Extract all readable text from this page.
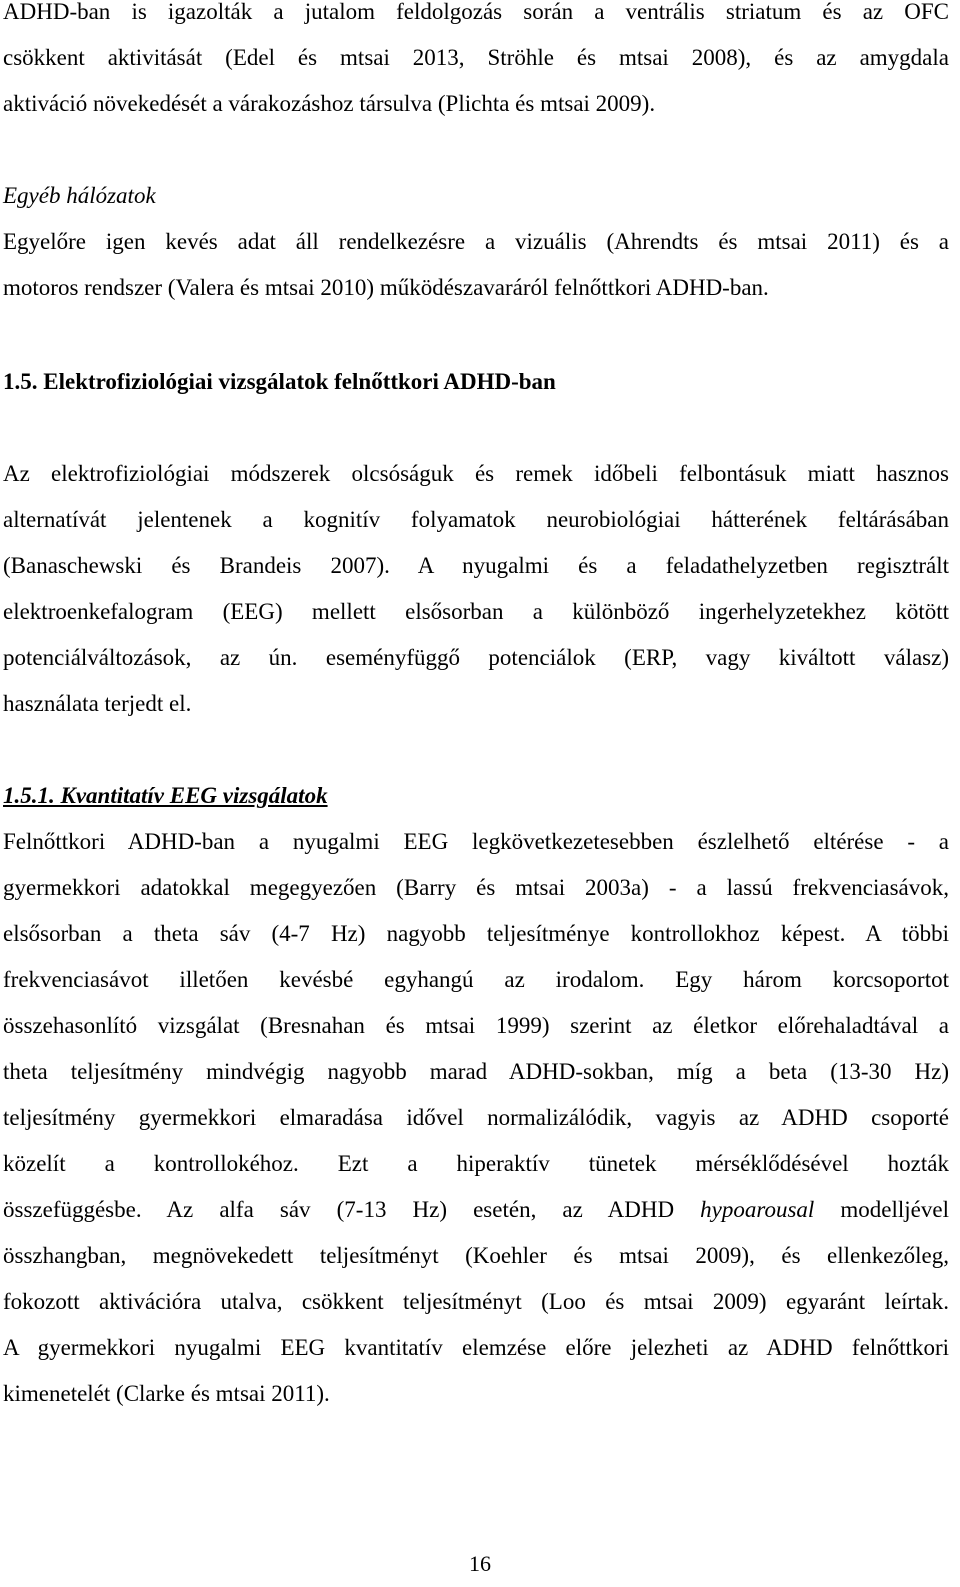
ADHD-ban is igazolták a jutalom feldolgozás során a ventrális striatum és az OFC
csökkent aktivitását (Edel és mtsai 2013, Ströhle és mtsai 2008), és az amygdala
aktiváció növekedését a várakozáshoz társulva (Plichta és mtsai 2009).
Egyéb hálózatok
Egyelőre igen kevés adat áll rendelkezésre a vizuális (Ahrendts és mtsai 2011) és a
motoros rendszer (Valera és mtsai 2010) működészavaráról felnőttkori ADHD-ban.
1.5. Elektrofiziológiai vizsgálatok felnőttkori ADHD-ban
Az elektrofiziológiai módszerek olcsóságuk és remek időbeli felbontásuk miatt hasznos
alternatívát jelentenek a kognitív folyamatok neurobiológiai hátterének feltárásában
(Banaschewski és Brandeis 2007). A nyugalmi és a feladathelyzetben regisztrált
elektroenkefalogram (EEG) mellett elsősorban a különböző ingerhelyzetekhez kötött
potenciálváltozások, az ún. eseményfüggő potenciálok (ERP, vagy kiváltott válasz)
használata terjedt el.
1.5.1. Kvantitatív EEG vizsgálatok
Felnőttkori ADHD-ban a nyugalmi EEG legkövetkezetesebben észlelhető eltérése - a
gyermekkori adatokkal megegyezően (Barry és mtsai 2003a) - a lassú frekvenciasávok,
elsősorban a theta sáv (4-7 Hz) nagyobb teljesítménye kontrollokhoz képest. A többi
frekvenciasávot illetően kevésbé egyhangú az irodalom. Egy három korcsoportot
összehasonlító vizsgálat (Bresnahan és mtsai 1999) szerint az életkor előrehaladtával a
theta teljesítmény mindvégig nagyobb marad ADHD-sokban, míg a beta (13-30 Hz)
teljesítmény gyermekkori elmaradása idővel normalizálódik, vagyis az ADHD csoporté
közelít a kontrollokéhoz. Ezt a hiperaktív tünetek mérséklődésével hozták
összefüggésbe. Az alfa sáv (7-13 Hz) esetén, az ADHD hypoarousal modelljével
összhangban, megnövekedett teljesítményt (Koehler és mtsai 2009), és ellenkezőleg,
fokozott aktivációra utalva, csökkent teljesítményt (Loo és mtsai 2009) egyaránt leírtak.
A gyermekkori nyugalmi EEG kvantitatív elemzése előre jelezheti az ADHD felnőttkori
kimenetelét (Clarke és mtsai 2011).
16
